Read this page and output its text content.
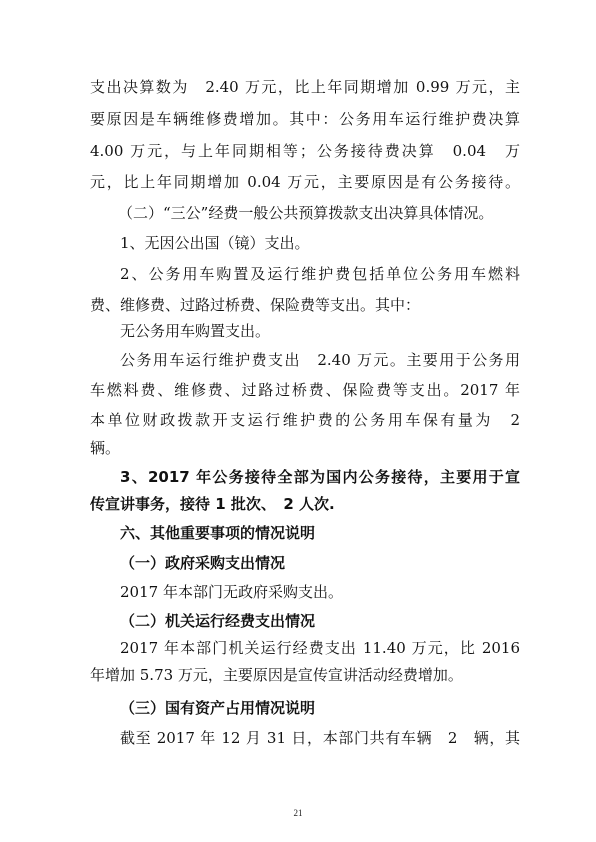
支出决算数为　2.40 万元，比上年同期增加 0.99 万元，主
要原因是车辆维修费增加。其中：公务用车运行维护费决算
4.00 万元，与上年同期相等；公务接待费决算　0.04　万
元，比上年同期增加 0.04 万元，主要原因是有公务接待。
（二）“三公”经费一般公共预算拨款支出决算具体情况。
1、无因公出国（镜）支出。
2、公务用车购置及运行维护费包括单位公务用车燃料
费、维修费、过路过桥费、保险费等支出。其中：
无公务用车购置支出。
公务用车运行维护费支出　2.40 万元。主要用于公务用
车燃料费、维修费、过路过桥费、保险费等支出。2017 年
本单位财政拨款开支运行维护费的公务用车保有量为　2
辆。
3、2017 年公务接待全部为国内公务接待，主要用于宣
传宣讲事务，接待 1 批次、　2 人次.
六、其他重要事项的情况说明
（一）政府采购支出情况
2017 年本部门无政府采购支出。
（二）机关运行经费支出情况
2017 年本部门机关运行经费支出 11.40 万元，比 2016
年增加 5.73 万元，主要原因是宣传宣讲活动经费增加。
（三）国有资产占用情况说明
截至 2017 年 12 月 31 日，本部门共有车辆　2　辆，其
21
